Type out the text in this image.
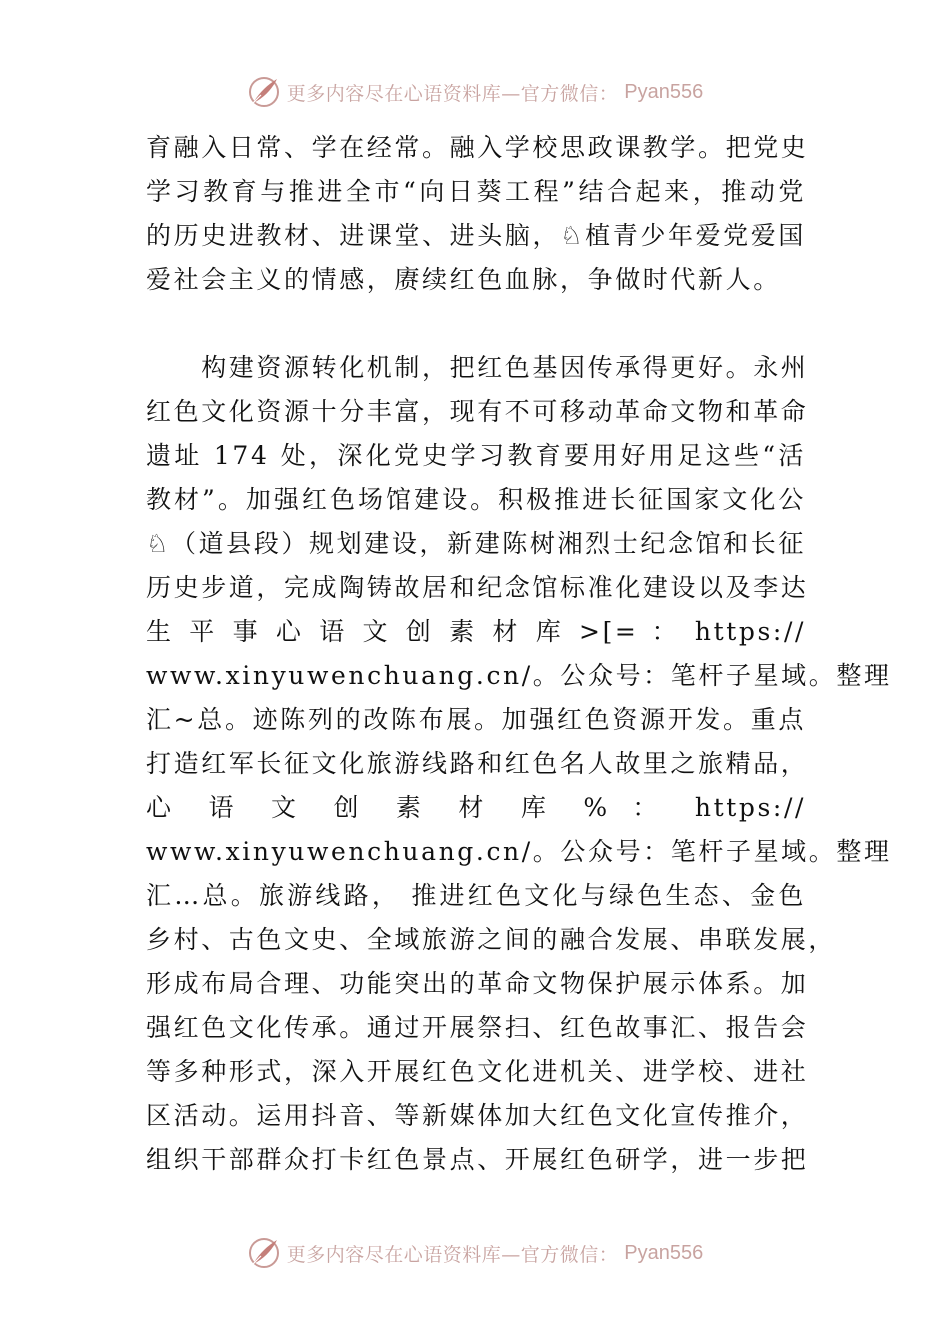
更多内容尽在心语资料库—官方微信： Pyan556
育融入日常、学在经常。融入学校思政课教学。把党史
学习教育与推进全市“向日葵工程”结合起来，推动党
的历史进教材、进课堂、进头脑，♘植青少年爱党爱国
爱社会主义的情感，赓续红色血脉，争做时代新人。
　　构建资源转化机制，把红色基因传承得更好。永州
红色文化资源十分丰富，现有不可移动革命文物和革命
遗址 174 处，深化党史学习教育要用好用足这些“活
教材”。加强红色场馆建设。积极推进长征国家文化公
♘（道县段）规划建设，新建陈树湘烈士纪念馆和长征
历史步道，完成陶铸故居和纪念馆标准化建设以及李达
生 平 事 心 语 文 创 素 材 库 >[= ： https://
www.xinyuwenchuang.cn/。公众号：笔杆子星域。整理
汇~总。迹陈列的改陈布展。加强红色资源开发。重点
打造红军长征文化旅游线路和红色名人故里之旅精品，
心 语 文 创 素 材 库 % ： https://
www.xinyuwenchuang.cn/。公众号：笔杆子星域。整理
汇…总。旅游线路， 推进红色文化与绿色生态、金色
乡村、古色文史、全域旅游之间的融合发展、串联发展，
形成布局合理、功能突出的革命文物保护展示体系。加
强红色文化传承。通过开展祭扫、红色故事汇、报告会
等多种形式，深入开展红色文化进机关、进学校、进社
区活动。运用抖音、等新媒体加大红色文化宣传推介，
组织干部群众打卡红色景点、开展红色研学，进一步把
更多内容尽在心语资料库—官方微信： Pyan556
